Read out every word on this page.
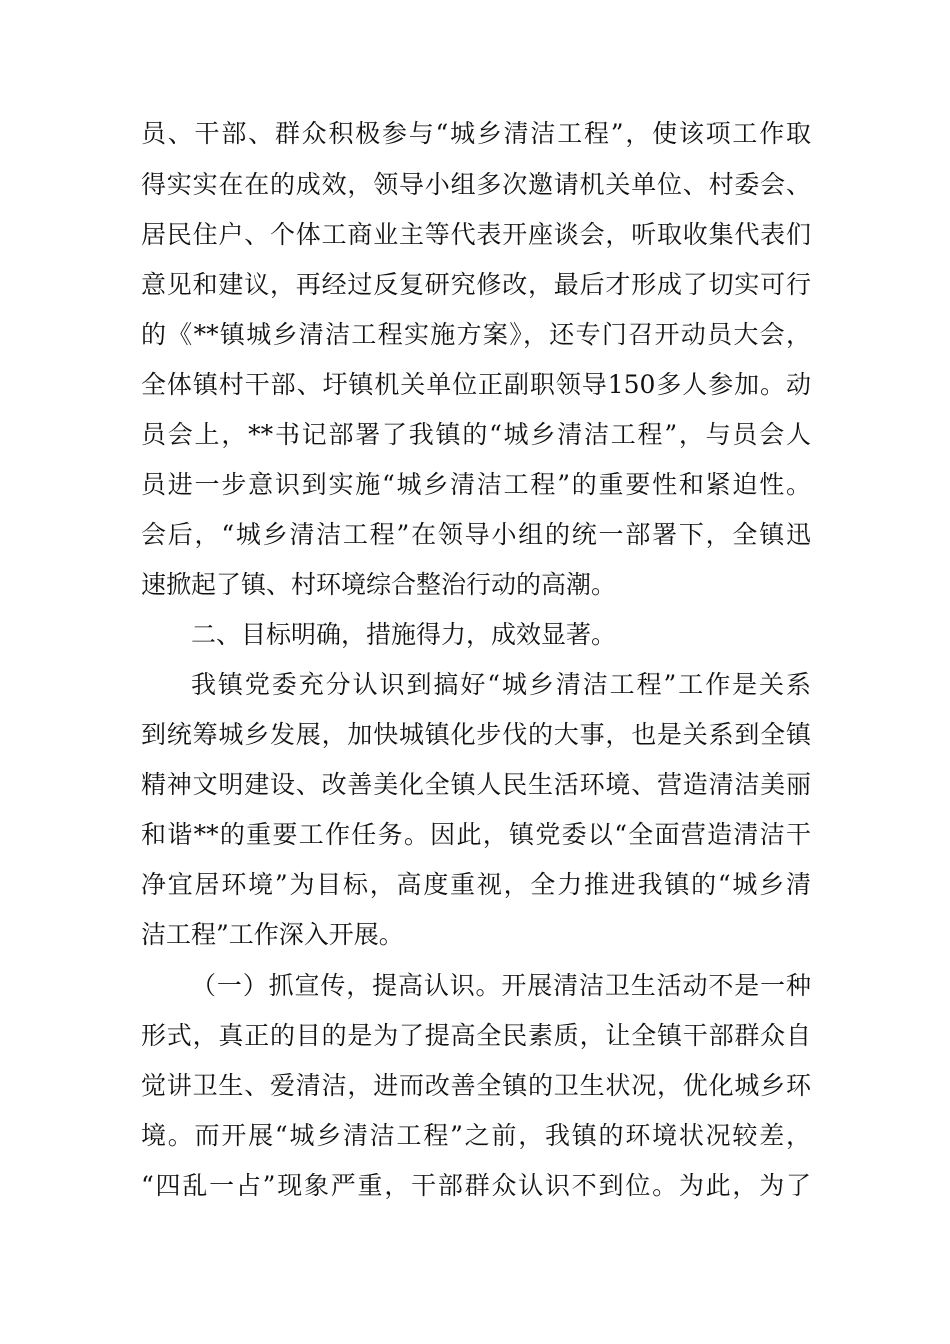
员、干部、群众积极参与“城乡清洁工程”，使该项工作取
得实实在在的成效，领导小组多次邀请机关单位、村委会、
居民住户、个体工商业主等代表开座谈会，听取收集代表们
意见和建议，再经过反复研究修改，最后才形成了切实可行
的《**镇城乡清洁工程实施方案》，还专门召开动员大会，
全体镇村干部、圩镇机关单位正副职领导150多人参加。动
员会上，**书记部署了我镇的“城乡清洁工程”，与员会人
员进一步意识到实施“城乡清洁工程”的重要性和紧迫性。
会后，“城乡清洁工程”在领导小组的统一部署下，全镇迅
速掀起了镇、村环境综合整治行动的高潮。
二、目标明确，措施得力，成效显著。
我镇党委充分认识到搞好“城乡清洁工程”工作是关系
到统筹城乡发展，加快城镇化步伐的大事，也是关系到全镇
精神文明建设、改善美化全镇人民生活环境、营造清洁美丽
和谐**的重要工作任务。因此，镇党委以“全面营造清洁干
净宜居环境”为目标，高度重视，全力推进我镇的“城乡清
洁工程”工作深入开展。
（一）抓宣传，提高认识。开展清洁卫生活动不是一种
形式，真正的目的是为了提高全民素质，让全镇干部群众自
觉讲卫生、爱清洁，进而改善全镇的卫生状况，优化城乡环
境。而开展“城乡清洁工程”之前，我镇的环境状况较差，
“四乱一占”现象严重，干部群众认识不到位。为此，为了
